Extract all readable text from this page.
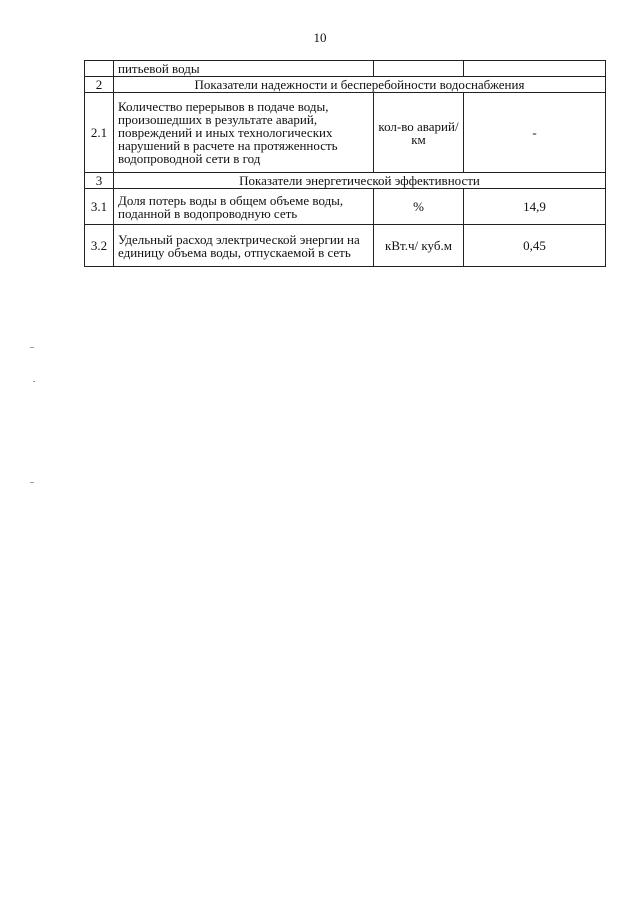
10
	питьевой воды		
2	Показатели надежности и бесперебойности водоснабжения		
2.1	Количество перерывов в подаче воды, произошедших в результате аварий, повреждений и иных технологических нарушений в расчете на протяженность водопроводной сети в год	кол-во аварий/км	-
3	Показатели энергетической эффективности		
3.1	Доля потерь воды в общем объеме воды, поданной в водопроводную сеть	%	14,9
3.2	Удельный расход электрической энергии на единицу объема воды, отпускаемой в сеть	кВт.ч/ куб.м	0,45
